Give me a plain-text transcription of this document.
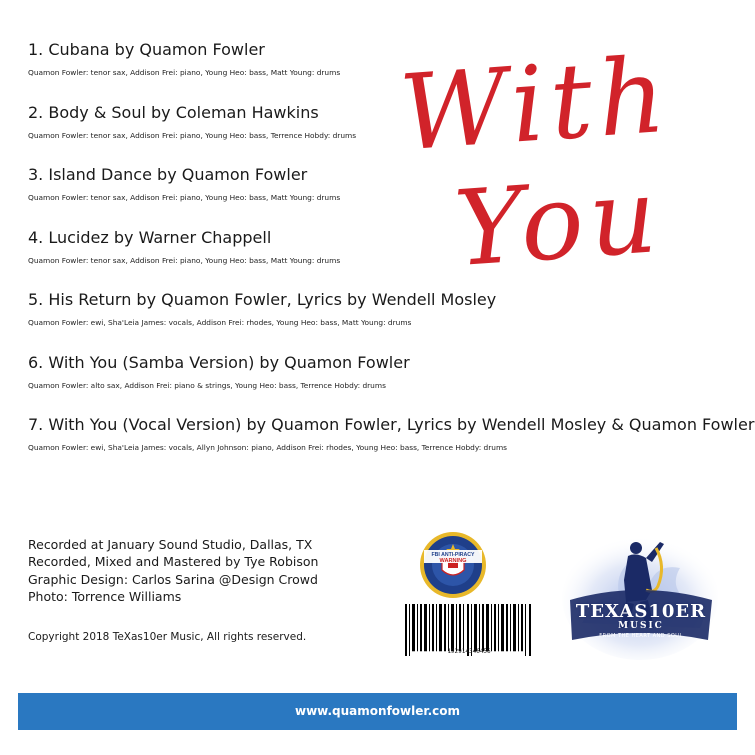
1. Cubana by Quamon Fowler
Quamon Fowler: tenor sax, Addison Frei: piano, Young Heo: bass, Matt Young: drums
2. Body & Soul by Coleman Hawkins
Quamon Fowler: tenor sax, Addison Frei: piano, Young Heo: bass, Terrence Hobdy: drums
3. Island Dance by Quamon Fowler
Quamon Fowler: tenor sax, Addison Frei: piano, Young Heo: bass, Matt Young: drums
4. Lucidez by Warner Chappell
Quamon Fowler: tenor sax, Addison Frei: piano, Young Heo: bass, Matt Young: drums
5. His Return by Quamon Fowler, Lyrics by Wendell Mosley
Quamon Fowler: ewi, Sha'Leia James: vocals, Addison Frei: rhodes, Young Heo: bass, Matt Young: drums
6. With You (Samba Version) by Quamon Fowler
Quamon Fowler: alto sax, Addison Frei: piano & strings, Young Heo: bass, Terrence Hobdy: drums
7. With You (Vocal Version) by Quamon Fowler, Lyrics by Wendell Mosley & Quamon Fowler
Quamon Fowler: ewi, Sha'Leia James: vocals, Allyn Johnson: piano, Addison Frei: rhodes, Young Heo: bass, Terrence Hobdy: drums
With
You
Recorded at January Sound Studio, Dallas, TX
Recorded, Mixed and Mastered by Tye Robison
Graphic Design: Carlos Sarina @Design Crowd
Photo: Torrence Williams
Copyright 2018 TeXas10er Music, All rights reserved.
FBI ANTI-PIRACY
WARNING
192914346456
TEXAS10ER
MUSIC
FROM THE HEART AND SOUL
www.quamonfowler.com
